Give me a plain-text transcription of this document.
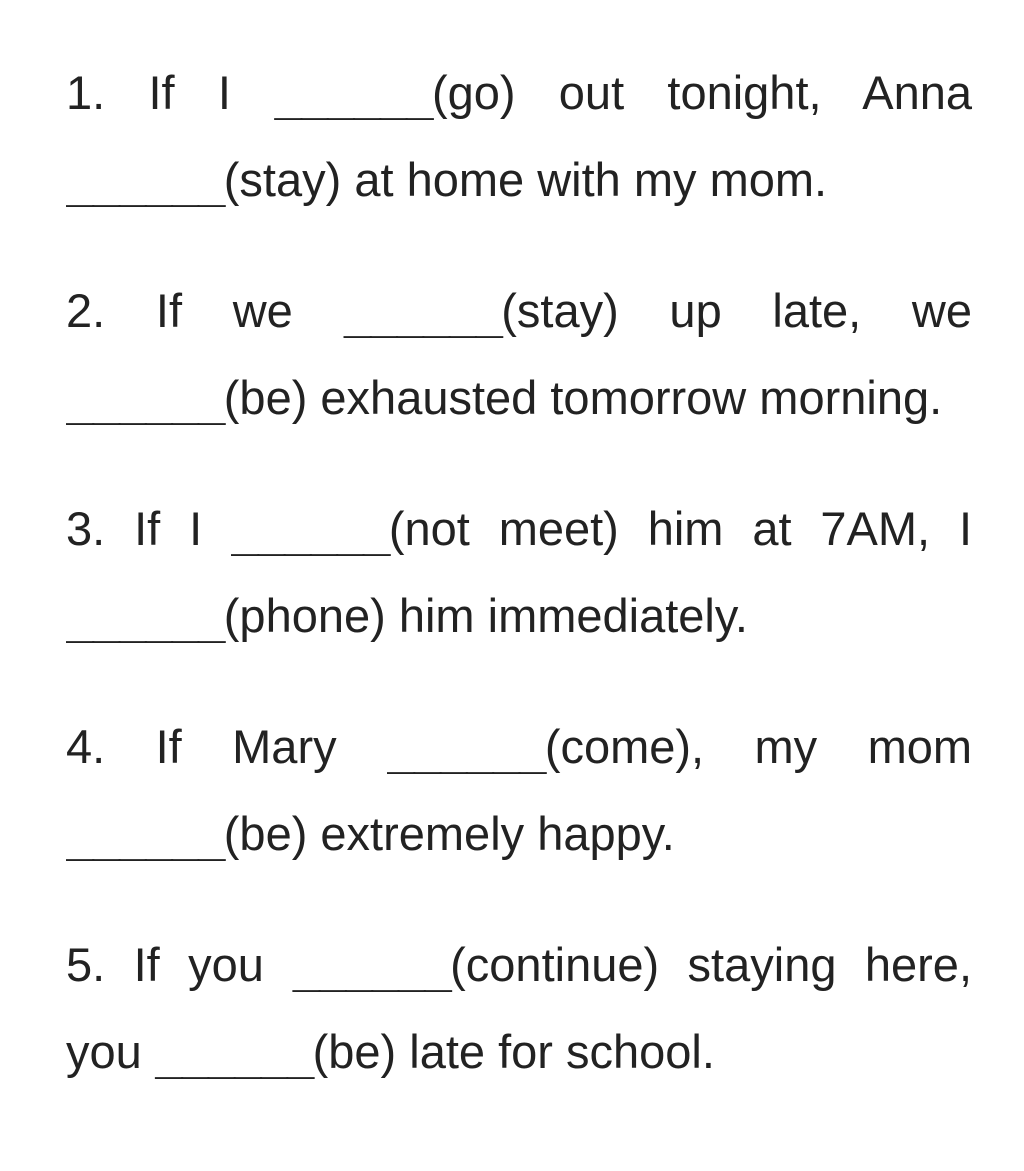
1. If I ______(go) out tonight, Anna ______(stay) at home with my mom.

2. If we ______(stay) up late, we ______(be) exhausted tomorrow morning.

3. If I ______(not meet) him at 7AM, I ______(phone) him immediately.

4. If Mary ______(come), my mom ______(be) extremely happy.

5. If you ______(continue) staying here, you ______(be) late for school.
